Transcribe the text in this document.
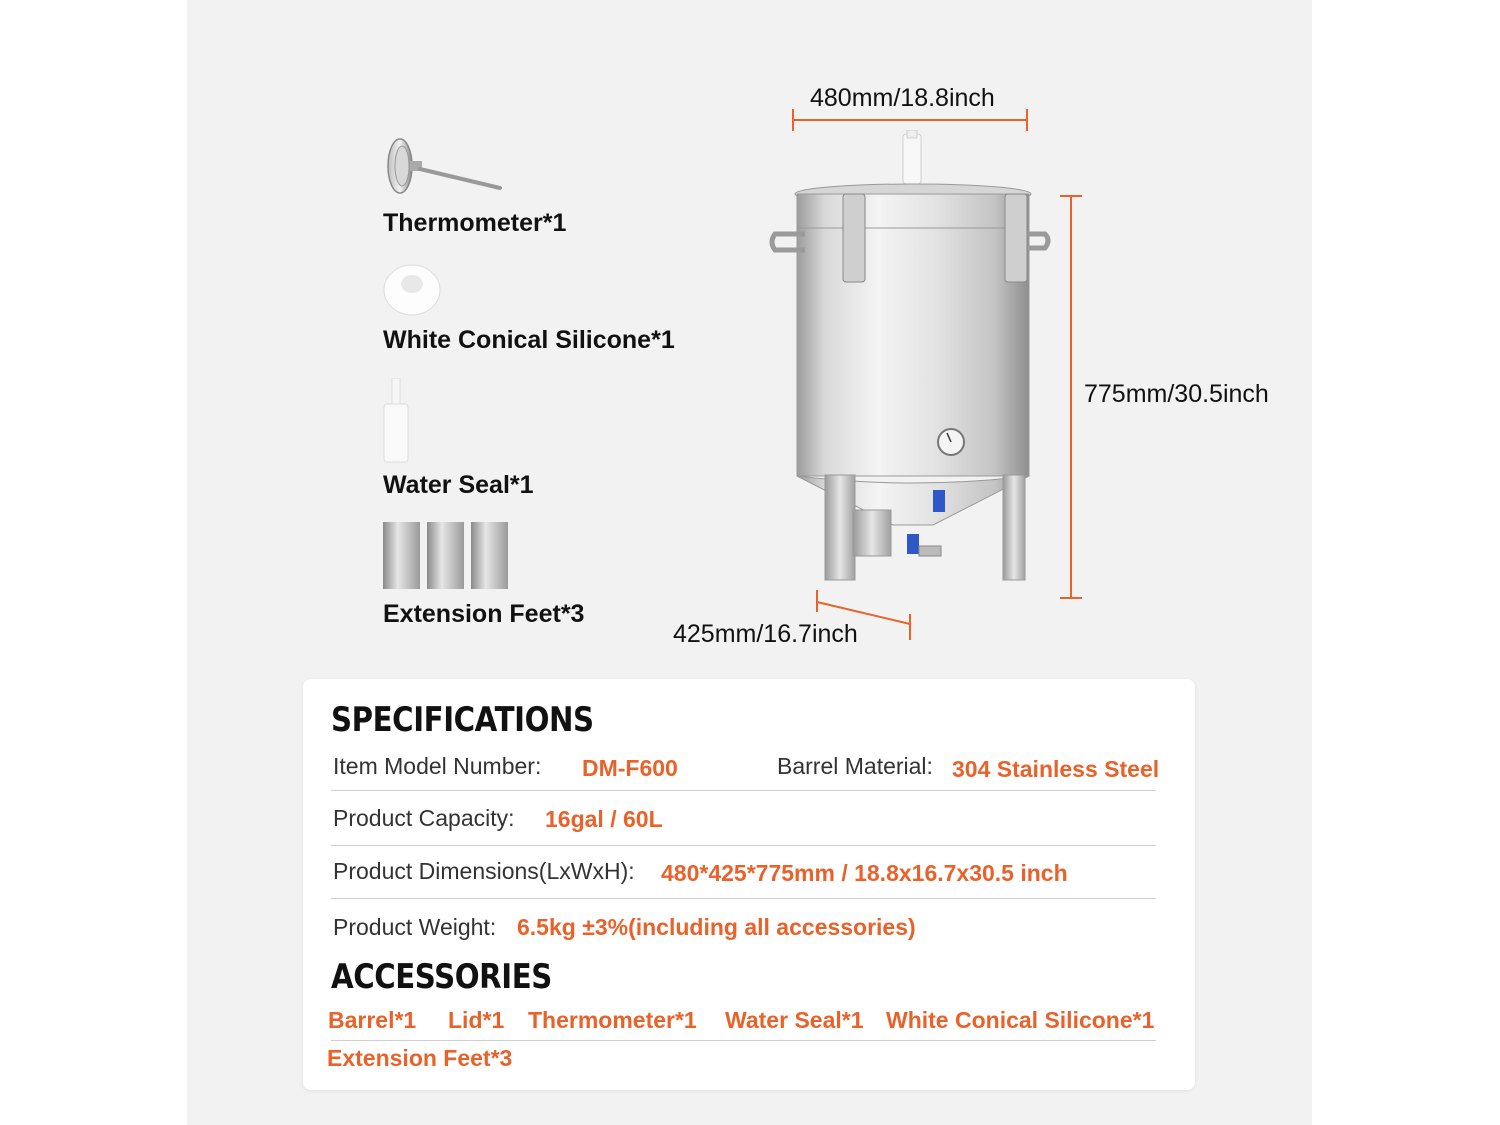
Thermometer*1
White Conical Silicone*1
Water Seal*1
Extension Feet*3
480mm/18.8inch
775mm/30.5inch
425mm/16.7inch
SPECIFICATIONS
Item Model Number: DM-F600	Barrel Material: 304 Stainless Steel
Product Capacity: 16gal / 60L
Product Dimensions(LxWxH): 480*425*775mm / 18.8x16.7x30.5 inch
Product Weight: 6.5kg ±3%(including all accessories)
ACCESSORIES
Barrel*1 Lid*1 Thermometer*1 Water Seal*1 White Conical Silicone*1
Extension Feet*3
